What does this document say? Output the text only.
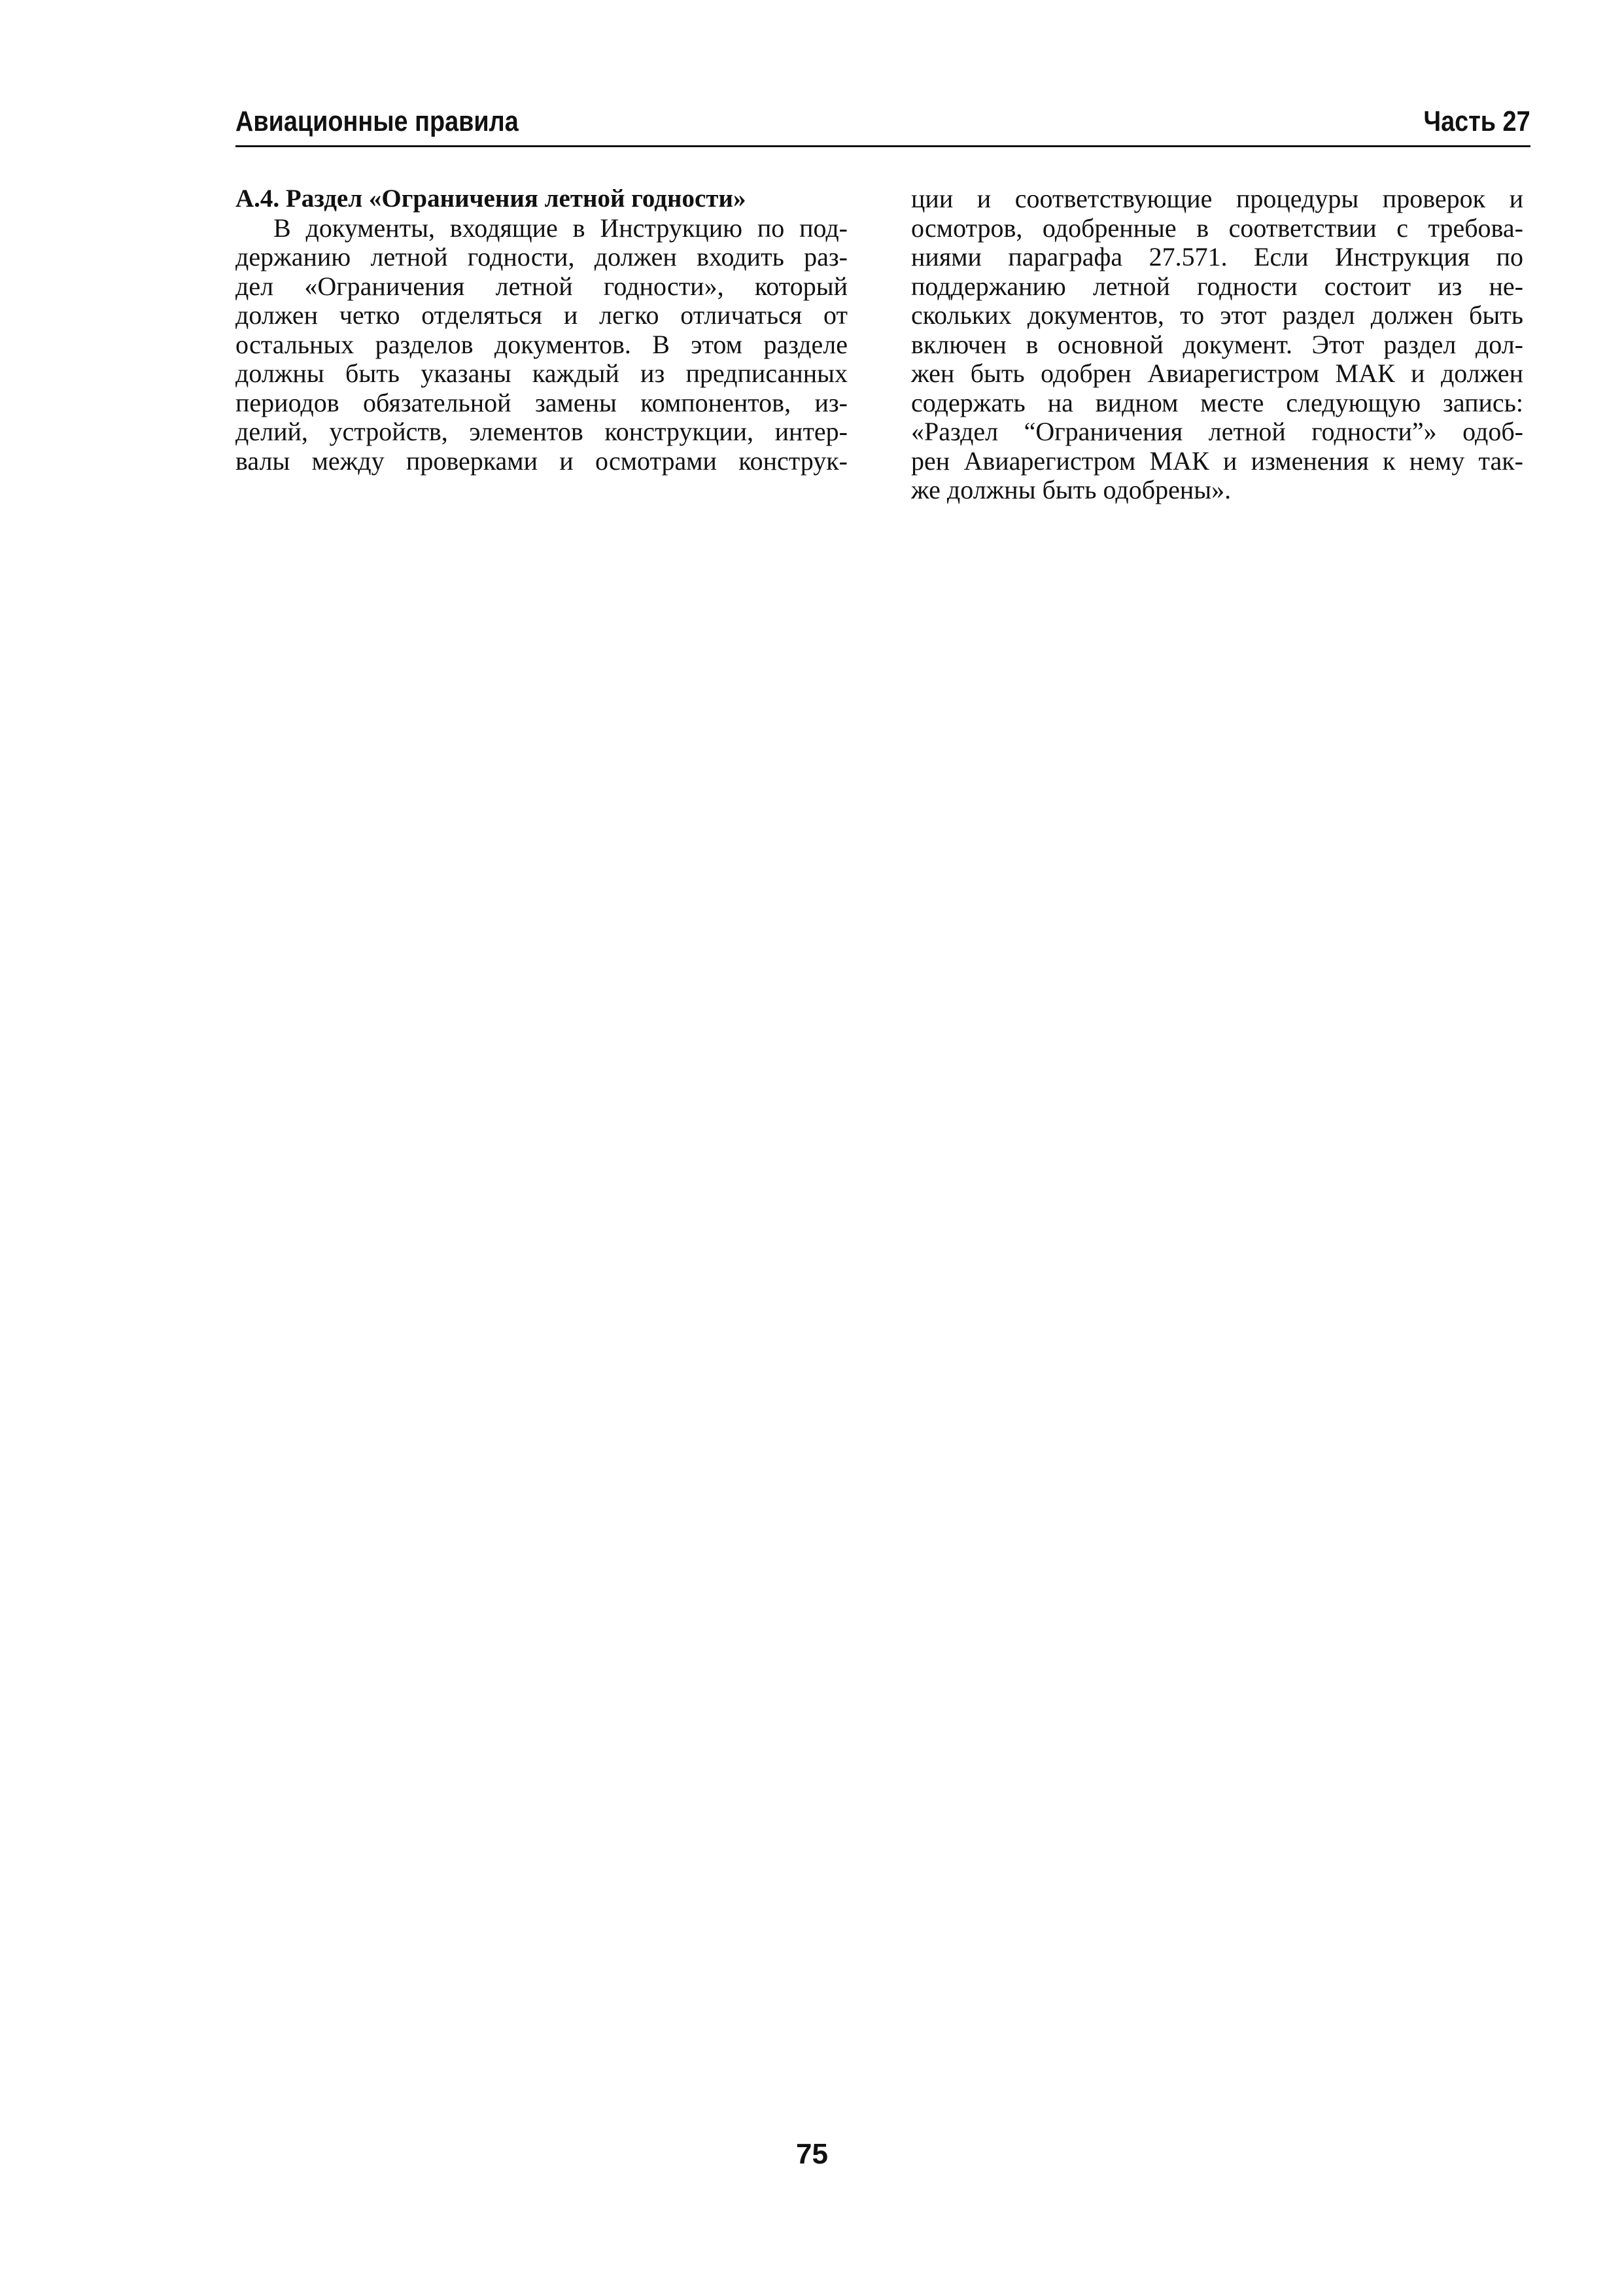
Авиационные правила	Часть 27
А.4. Раздел «Ограничения летной годности»
В документы, входящие в Инструкцию по под-
держанию летной годности, должен входить раз-
дел «Ограничения летной годности», который
должен четко отделяться и легко отличаться от
остальных разделов документов. В этом разделе
должны быть указаны каждый из предписанных
периодов обязательной замены компонентов, из-
делий, устройств, элементов конструкции, интер-
валы между проверками и осмотрами конструк-
ции и соответствующие процедуры проверок и
осмотров, одобренные в соответствии с требова-
ниями параграфа 27.571. Если Инструкция по
поддержанию летной годности состоит из не-
скольких документов, то этот раздел должен быть
включен в основной документ. Этот раздел дол-
жен быть одобрен Авиарегистром МАК и должен
содержать на видном месте следующую запись:
«Раздел “Ограничения летной годности”» одоб-
рен Авиарегистром МАК и изменения к нему так-
же должны быть одобрены».
75
